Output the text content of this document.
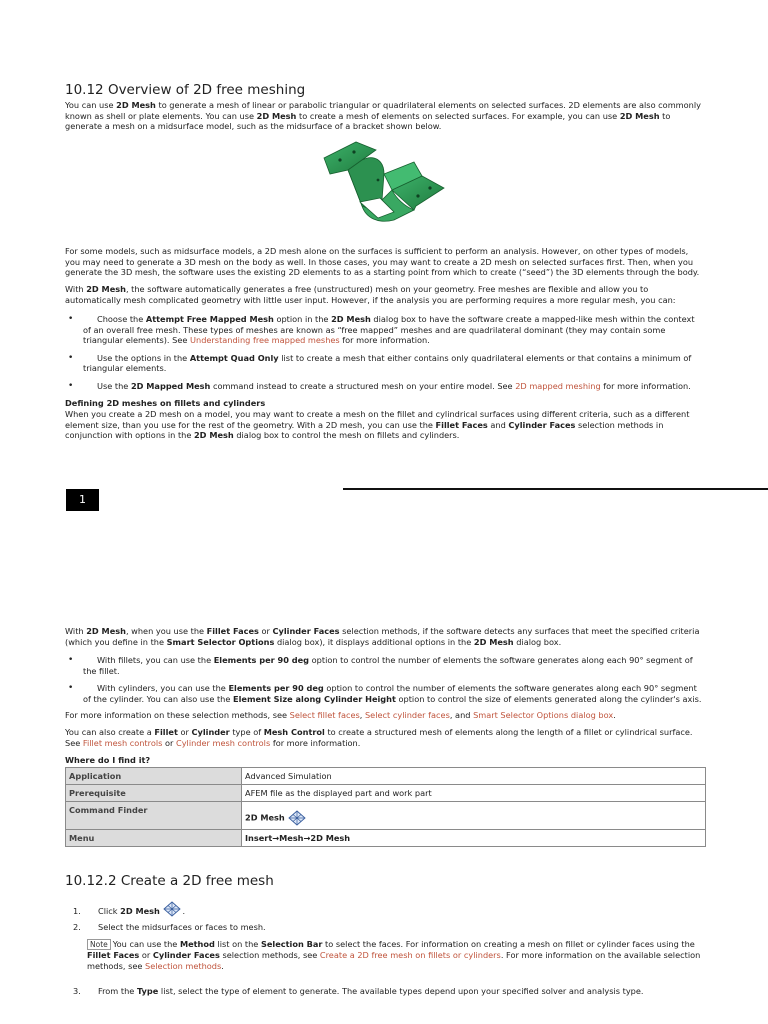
10.12 Overview of 2D free meshing

You can use 2D Mesh to generate a mesh of linear or parabolic triangular or quadrilateral elements on selected surfaces. 2D elements are also commonly known as shell or plate elements. You can use 2D Mesh to create a mesh of elements on selected surfaces. For example, you can use 2D Mesh to generate a mesh on a midsurface model, such as the midsurface of a bracket shown below.

For some models, such as midsurface models, a 2D mesh alone on the surfaces is sufficient to perform an analysis. However, on other types of models, you may need to generate a 3D mesh on the body as well. In those cases, you may want to create a 2D mesh on selected surfaces first. Then, when you generate the 3D mesh, the software uses the existing 2D elements to as a starting point from which to create (“seed”) the 3D elements through the body.

With 2D Mesh, the software automatically generates a free (unstructured) mesh on your geometry. Free meshes are flexible and allow you to automatically mesh complicated geometry with little user input. However, if the analysis you are performing requires a more regular mesh, you can:

• Choose the Attempt Free Mapped Mesh option in the 2D Mesh dialog box to have the software create a mapped-like mesh within the context of an overall free mesh. These types of meshes are known as “free mapped” meshes and are quadrilateral dominant (they may contain some triangular elements). See Understanding free mapped meshes for more information.
• Use the options in the Attempt Quad Only list to create a mesh that either contains only quadrilateral elements or that contains a minimum of triangular elements.
• Use the 2D Mapped Mesh command instead to create a structured mesh on your entire model. See 2D mapped meshing for more information.

Defining 2D meshes on fillets and cylinders

When you create a 2D mesh on a model, you may want to create a mesh on the fillet and cylindrical surfaces using different criteria, such as a different element size, than you use for the rest of the geometry. With a 2D mesh, you can use the Fillet Faces and Cylinder Faces selection methods in conjunction with options in the 2D Mesh dialog box to control the mesh on fillets and cylinders.

1

With 2D Mesh, when you use the Fillet Faces or Cylinder Faces selection methods, if the software detects any surfaces that meet the specified criteria (which you define in the Smart Selector Options dialog box), it displays additional options in the 2D Mesh dialog box.

• With fillets, you can use the Elements per 90 deg option to control the number of elements the software generates along each 90° segment of the fillet.
• With cylinders, you can use the Elements per 90 deg option to control the number of elements the software generates along each 90° segment of the cylinder. You can also use the Element Size along Cylinder Height option to control the size of elements generated along the cylinder's axis.

For more information on these selection methods, see Select fillet faces, Select cylinder faces, and Smart Selector Options dialog box.

You can also create a Fillet or Cylinder type of Mesh Control to create a structured mesh of elements along the length of a fillet or cylindrical surface. See Fillet mesh controls or Cylinder mesh controls for more information.

Where do I find it?

Application	Advanced Simulation
Prerequisite	AFEM file as the displayed part and work part
Command Finder	2D Mesh
Menu	Insert→Mesh→2D Mesh
10.12.2 Create a 2D free mesh
1. Click 2D Mesh	.
2. Select the midsurfaces or faces to mesh.
Note You can use the Method list on the Selection Bar to select the faces. For information on creating a mesh on fillet or cylinder faces using the Fillet Faces or Cylinder Faces selection methods, see Create a 2D free mesh on fillets or cylinders. For more information on the available selection methods, see Selection methods.
3. From the Type list, select the type of element to generate. The available types depend upon your specified solver and analysis type.
